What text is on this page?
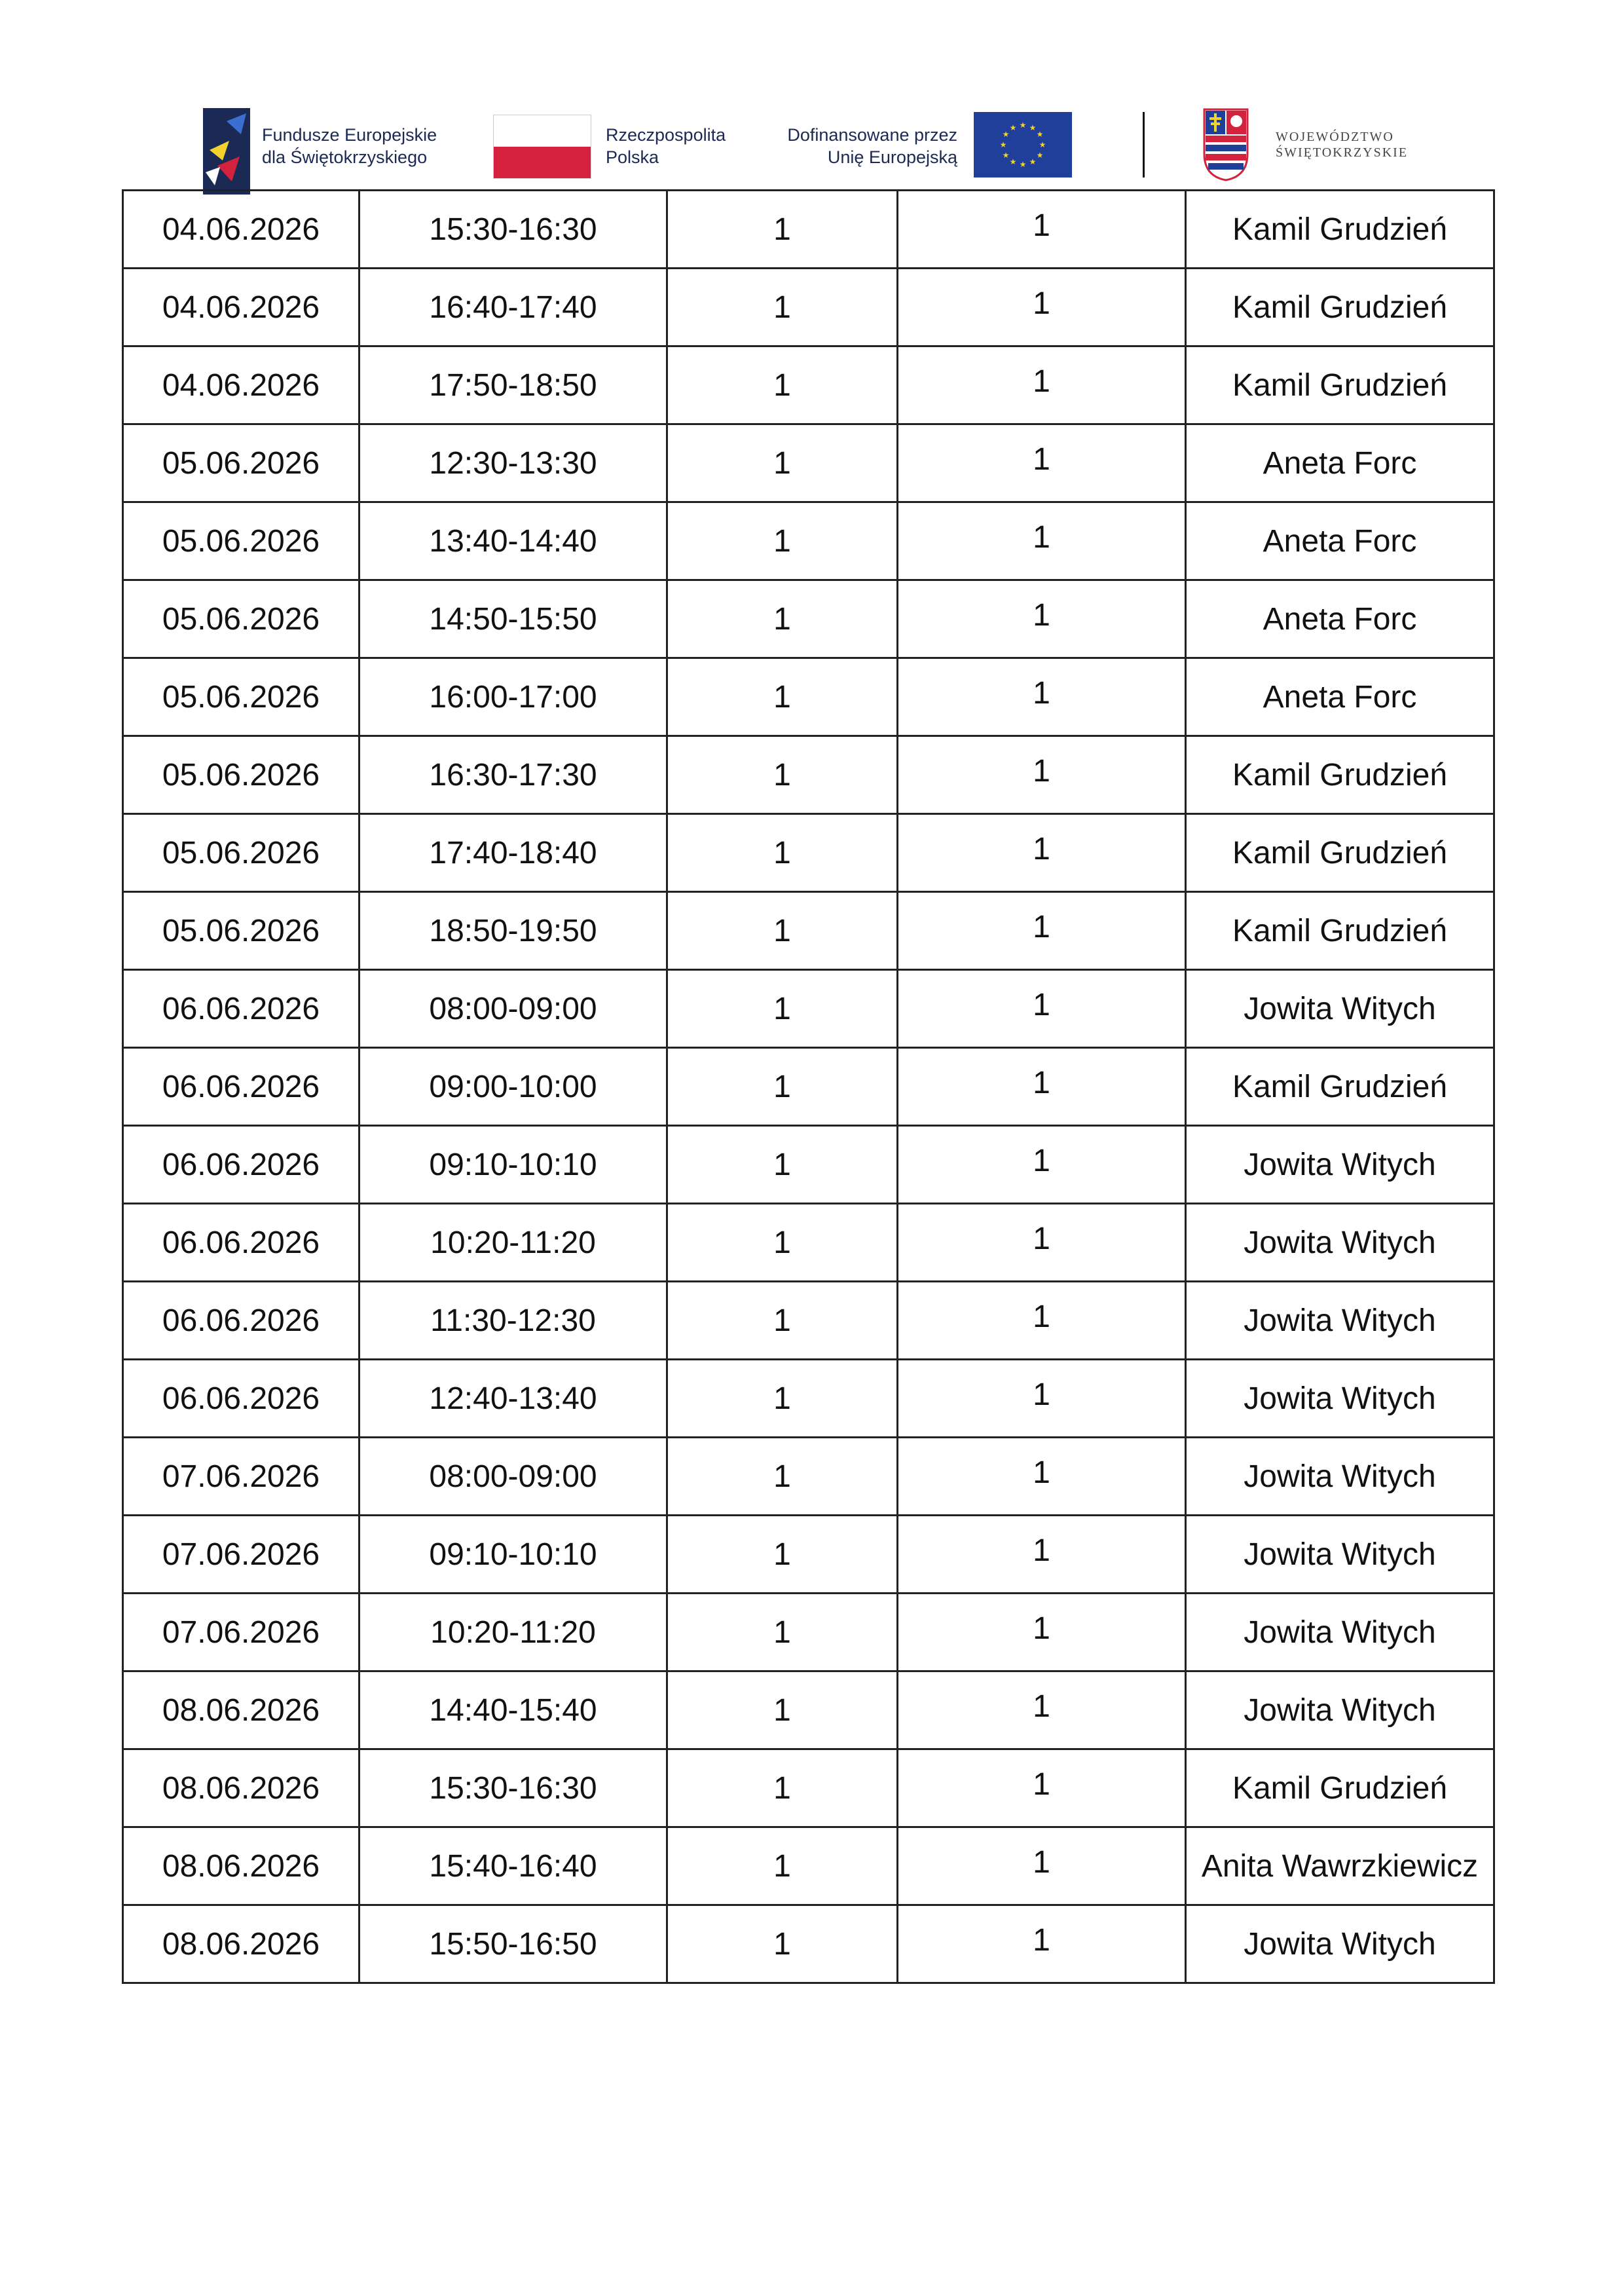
Fundusze Europejskie
dla Świętokrzyskiego
Rzeczpospolita
Polska
Dofinansowane przez
Unię Europejską
★ ★
★
★
★
★
★
★
★
★
★
★
WOJEWÓDZTWO
ŚWIĘTOKRZYSKIE
04.06.2026	15:30-16:30	1	1	Kamil Grudzień
04.06.2026	16:40-17:40	1	1	Kamil Grudzień
04.06.2026	17:50-18:50	1	1	Kamil Grudzień
05.06.2026	12:30-13:30	1	1	Aneta Forc
05.06.2026	13:40-14:40	1	1	Aneta Forc
05.06.2026	14:50-15:50	1	1	Aneta Forc
05.06.2026	16:00-17:00	1	1	Aneta Forc
05.06.2026	16:30-17:30	1	1	Kamil Grudzień
05.06.2026	17:40-18:40	1	1	Kamil Grudzień
05.06.2026	18:50-19:50	1	1	Kamil Grudzień
06.06.2026	08:00-09:00	1	1	Jowita Witych
06.06.2026	09:00-10:00	1	1	Kamil Grudzień
06.06.2026	09:10-10:10	1	1	Jowita Witych
06.06.2026	10:20-11:20	1	1	Jowita Witych
06.06.2026	11:30-12:30	1	1	Jowita Witych
06.06.2026	12:40-13:40	1	1	Jowita Witych
07.06.2026	08:00-09:00	1	1	Jowita Witych
07.06.2026	09:10-10:10	1	1	Jowita Witych
07.06.2026	10:20-11:20	1	1	Jowita Witych
08.06.2026	14:40-15:40	1	1	Jowita Witych
08.06.2026	15:30-16:30	1	1	Kamil Grudzień
08.06.2026	15:40-16:40	1	1	Anita Wawrzkiewicz
08.06.2026	15:50-16:50	1	1	Jowita Witych
